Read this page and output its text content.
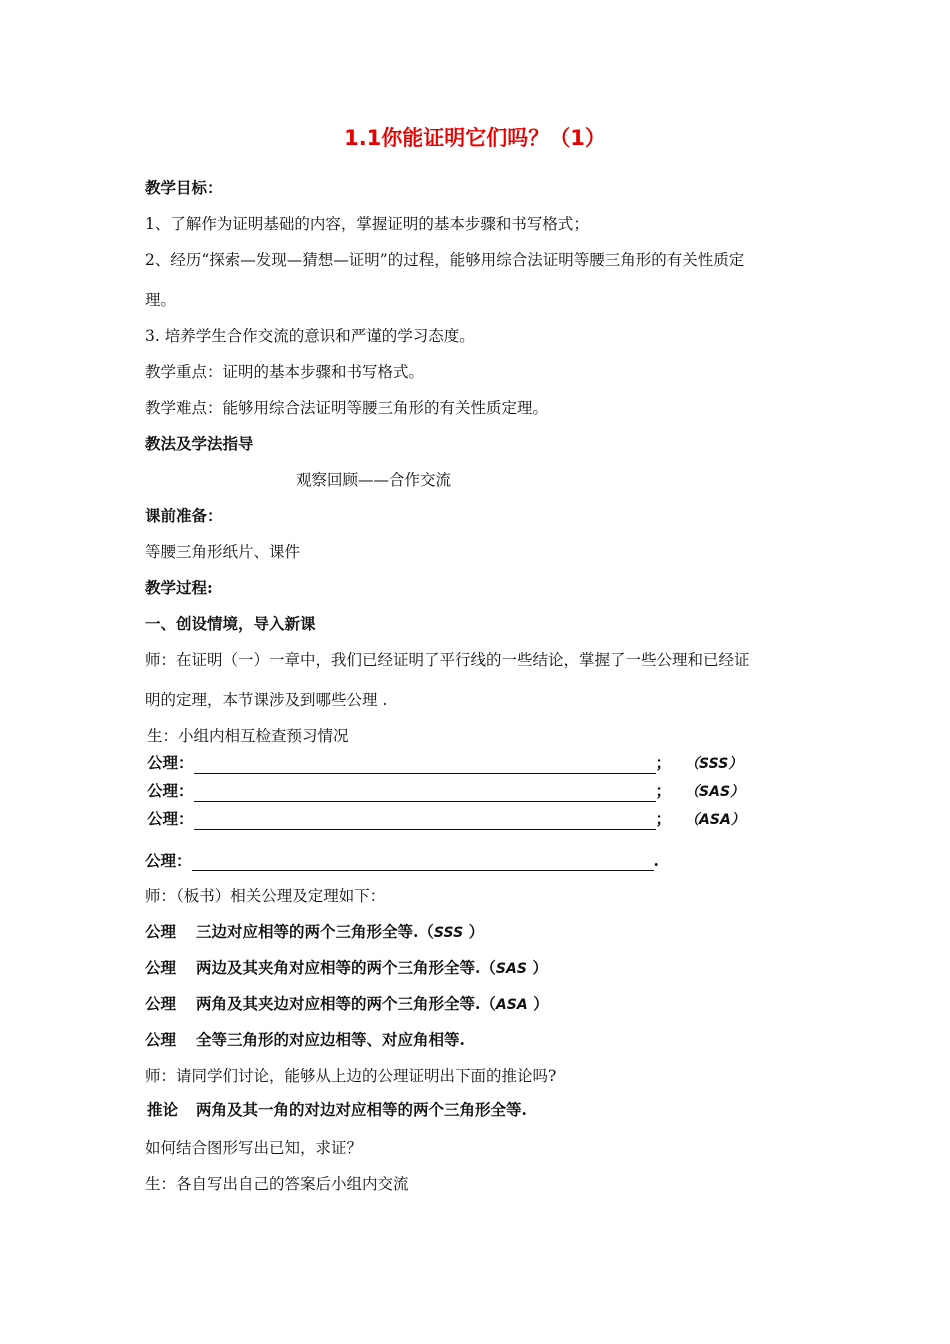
1.1你能证明它们吗？（1）
教学目标：
1、了解作为证明基础的内容，掌握证明的基本步骤和书写格式；
2、经历“探索—发现—猜想—证明”的过程，能够用综合法证明等腰三角形的有关性质定
理。
3. 培养学生合作交流的意识和严谨的学习态度。
教学重点：证明的基本步骤和书写格式。
教学难点：能够用综合法证明等腰三角形的有关性质定理。
教法及学法指导
观察回顾——合作交流
课前准备：
等腰三角形纸片、课件
教学过程:
一、创设情境，导入新课
师：在证明（一）一章中，我们已经证明了平行线的一些结论，掌握了一些公理和已经证
明的定理，本节课涉及到哪些公理 .
生：小组内相互检查预习情况
公理：	； （SSS）
公理：	； （SAS）
公理：	； （ASA）
公理：	.
师：（板书）相关公理及定理如下：
公理 三边对应相等的两个三角形全等.（SSS ）
公理 两边及其夹角对应相等的两个三角形全等.（SAS ）
公理 两角及其夹边对应相等的两个三角形全等.（ASA ）
公理 全等三角形的对应边相等、对应角相等.
师：请同学们讨论，能够从上边的公理证明出下面的推论吗?
推论 两角及其一角的对边对应相等的两个三角形全等.
如何结合图形写出已知，求证？
生：各自写出自己的答案后小组内交流
